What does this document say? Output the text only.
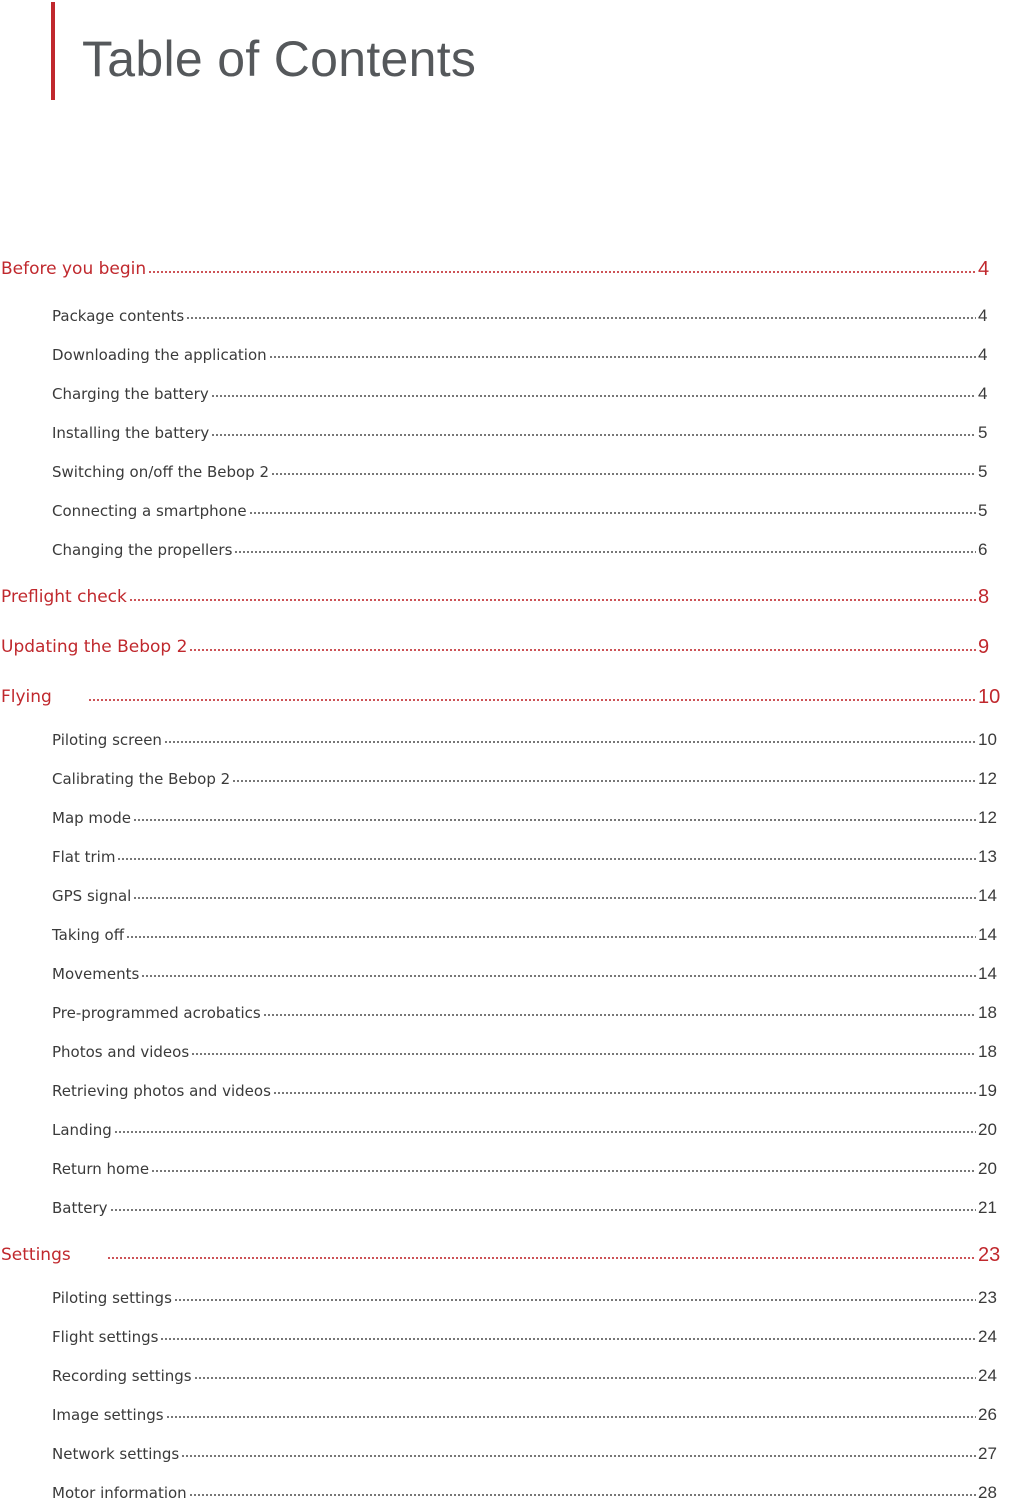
Table of Contents
Before you begin	4
Package contents	4
Downloading the application	4
Charging the battery	4
Installing the battery	5
Switching on/off the Bebop 2	5
Connecting a smartphone	5
Changing the propellers	6
Preflight check	8
Updating the Bebop 2	9
Flying	10
Piloting screen	10
Calibrating the Bebop 2	12
Map mode	12
Flat trim	13
GPS signal	14
Taking off	14
Movements	14
Pre-programmed acrobatics	18
Photos and videos	18
Retrieving photos and videos	19
Landing	20
Return home	20
Battery	21
Settings	23
Piloting settings	23
Flight settings	24
Recording settings	24
Image settings	26
Network settings	27
Motor information	28
